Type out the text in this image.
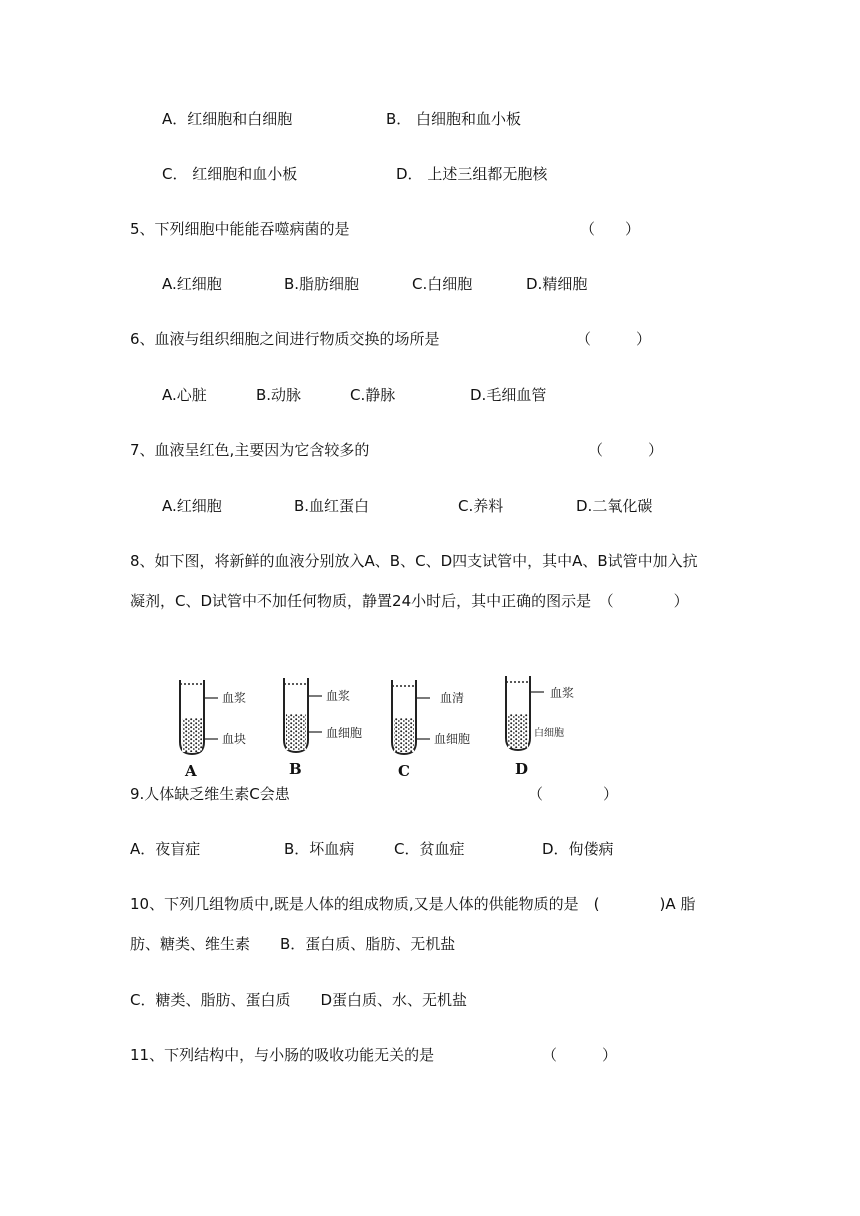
A．红细胞和白细胞	B． 白细胞和血小板
C． 红细胞和血小板	D． 上述三组都无胞核
5、下列细胞中能能吞噬病菌的是	（　　）
A.红细胞	B.脂肪细胞	C.白细胞	D.精细胞
6、血液与组织细胞之间进行物质交换的场所是	（　　　）
A.心脏	B.动脉	C.静脉	D.毛细血管
7、血液呈红色,主要因为它含较多的	（　　　）
A.红细胞	B.血红蛋白	C.养料	D.二氧化碳
8、如下图，将新鲜的血液分别放入A、B、C、D四支试管中，其中A、B试管中加入抗
凝剂，C、D试管中不加任何物质，静置24小时后，其中正确的图示是　（　　　　）
血浆
血块
A
血浆
血细胞
B
血清
血细胞
C
血浆
白细胞
D
9.人体缺乏维生素C会患	（　　　　）
A．夜盲症	B．坏血病	C．贫血症	D．佝偻病
10、下列几组物质中,既是人体的组成物质,又是人体的供能物质的是　(　　　　)A 脂
肪、糖类、维生素　　B．蛋白质、脂肪、无机盐
C．糖类、脂肪、蛋白质　　D蛋白质、水、无机盐
11、下列结构中，与小肠的吸收功能无关的是	（　　　）
